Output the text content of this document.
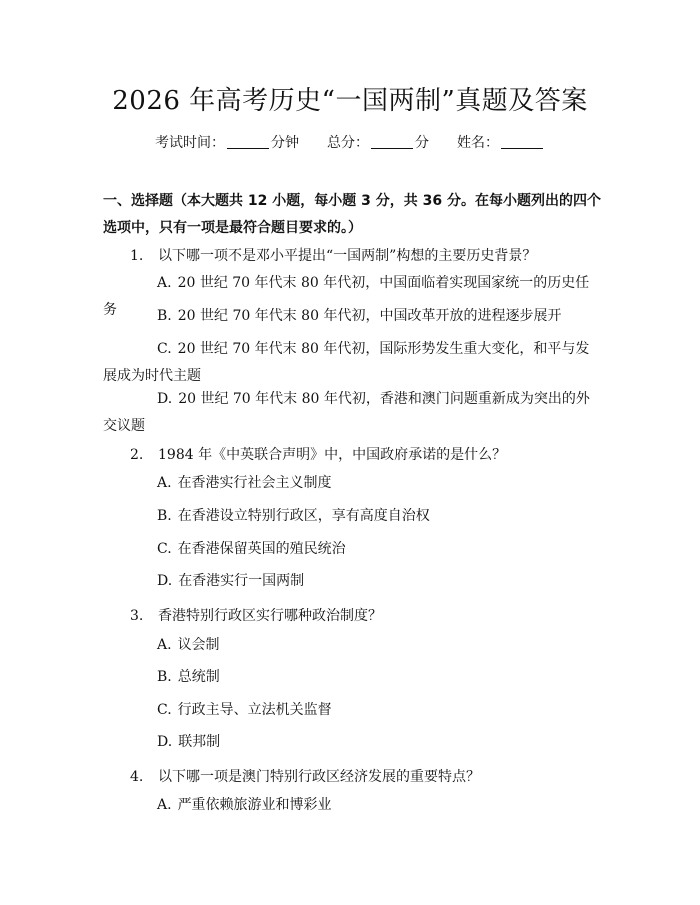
2026 年高考历史“一国两制”真题及答案
考试时间：	分钟 总分：	分 姓名：
一、选择题（本大题共 12 小题，每小题 3 分，共 36 分。在每小题列出的四个选项中，只有一项是最符合题目要求的。）
1. 以下哪一项不是邓小平提出“一国两制”构想的主要历史背景？
A. 20 世纪 70 年代末 80 年代初，中国面临着实现国家统一的历史任务	B. 20 世纪 70 年代末 80 年代初，中国改革开放的进程逐步展开
C. 20 世纪 70 年代末 80 年代初，国际形势发生重大变化，和平与发展成为时代主题
D. 20 世纪 70 年代末 80 年代初，香港和澳门问题重新成为突出的外交议题
2. 1984 年《中英联合声明》中，中国政府承诺的是什么？
A. 在香港实行社会主义制度
B. 在香港设立特别行政区，享有高度自治权
C. 在香港保留英国的殖民统治
D. 在香港实行一国两制
3. 香港特别行政区实行哪种政治制度？
A. 议会制
B. 总统制
C. 行政主导、立法机关监督
D. 联邦制
4. 以下哪一项是澳门特别行政区经济发展的重要特点？
A. 严重依赖旅游业和博彩业
